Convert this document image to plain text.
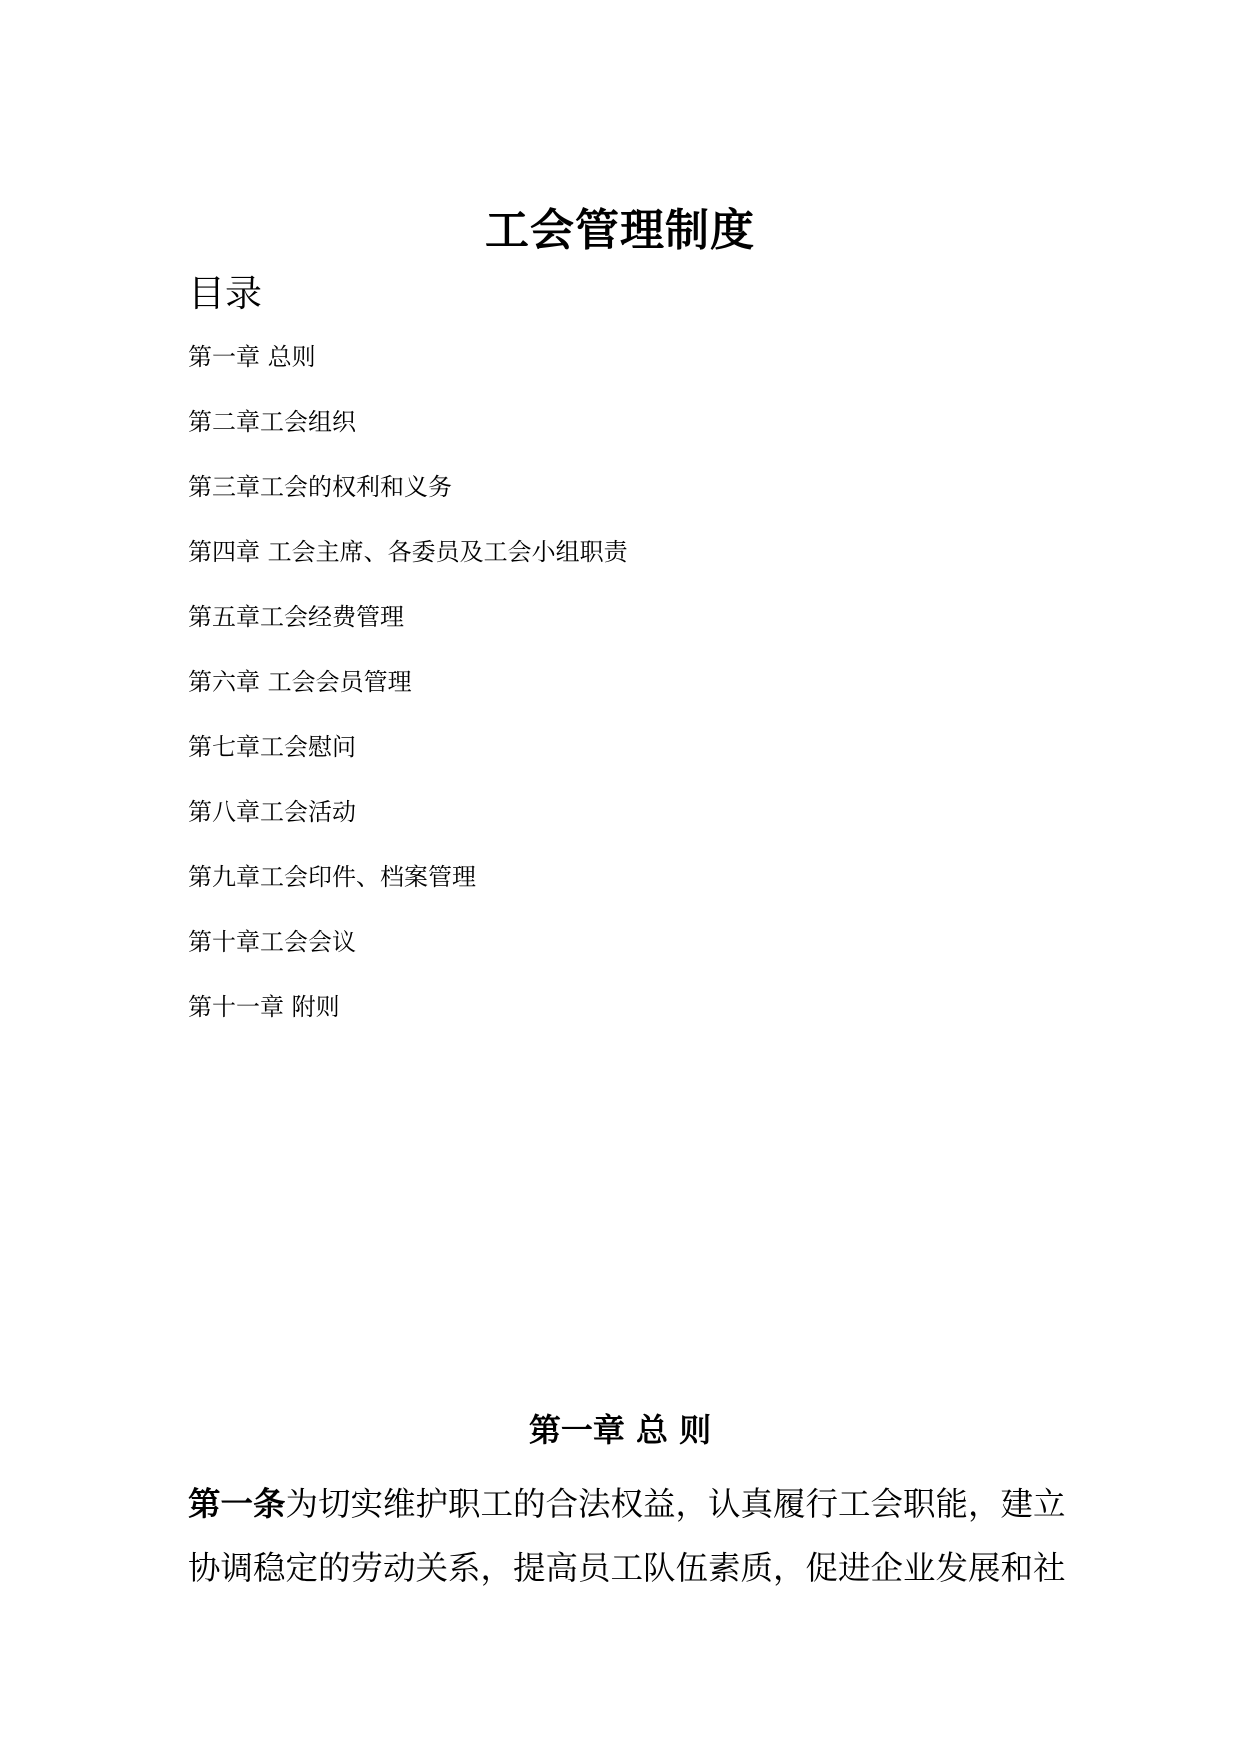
工会管理制度
目录
第一章 总则
第二章工会组织
第三章工会的权利和义务
第四章 工会主席、各委员及工会小组职责
第五章工会经费管理
第六章 工会会员管理
第七章工会慰问
第八章工会活动
第九章工会印件、档案管理
第十章工会会议
第十一章 附则
第一章 总 则
第一条为切实维护职工的合法权益，认真履行工会职能，建立
协调稳定的劳动关系，提高员工队伍素质，促进企业发展和社
